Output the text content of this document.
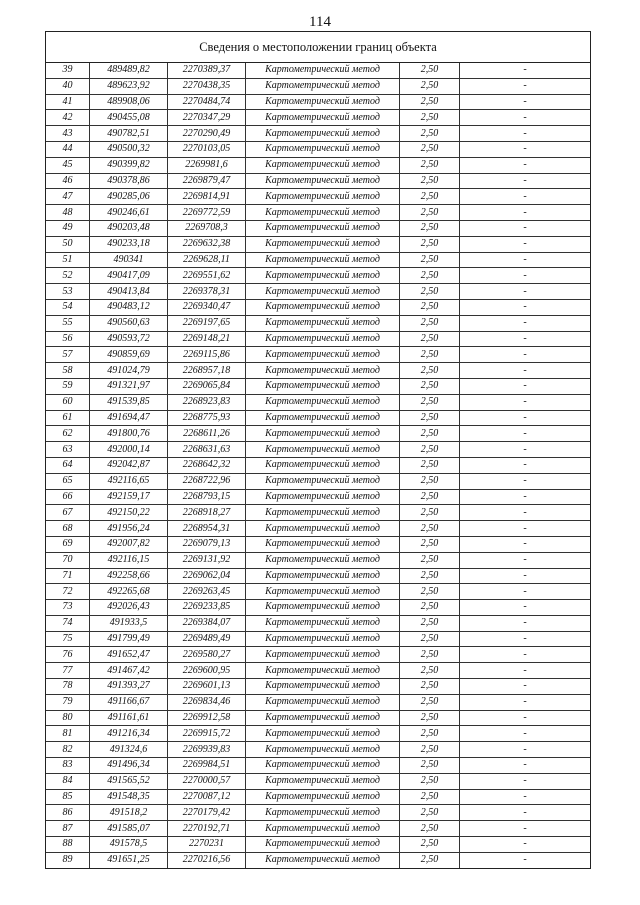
114
Сведения о местоположении границ объекта
39	489489,82	2270389,37	Картометрический метод	2,50	-
40	489623,92	2270438,35	Картометрический метод	2,50	-
41	489908,06	2270484,74	Картометрический метод	2,50	-
42	490455,08	2270347,29	Картометрический метод	2,50	-
43	490782,51	2270290,49	Картометрический метод	2,50	-
44	490500,32	2270103,05	Картометрический метод	2,50	-
45	490399,82	2269981,6	Картометрический метод	2,50	-
46	490378,86	2269879,47	Картометрический метод	2,50	-
47	490285,06	2269814,91	Картометрический метод	2,50	-
48	490246,61	2269772,59	Картометрический метод	2,50	-
49	490203,48	2269708,3	Картометрический метод	2,50	-
50	490233,18	2269632,38	Картометрический метод	2,50	-
51	490341	2269628,11	Картометрический метод	2,50	-
52	490417,09	2269551,62	Картометрический метод	2,50	-
53	490413,84	2269378,31	Картометрический метод	2,50	-
54	490483,12	2269340,47	Картометрический метод	2,50	-
55	490560,63	2269197,65	Картометрический метод	2,50	-
56	490593,72	2269148,21	Картометрический метод	2,50	-
57	490859,69	2269115,86	Картометрический метод	2,50	-
58	491024,79	2268957,18	Картометрический метод	2,50	-
59	491321,97	2269065,84	Картометрический метод	2,50	-
60	491539,85	2268923,83	Картометрический метод	2,50	-
61	491694,47	2268775,93	Картометрический метод	2,50	-
62	491800,76	2268611,26	Картометрический метод	2,50	-
63	492000,14	2268631,63	Картометрический метод	2,50	-
64	492042,87	2268642,32	Картометрический метод	2,50	-
65	492116,65	2268722,96	Картометрический метод	2,50	-
66	492159,17	2268793,15	Картометрический метод	2,50	-
67	492150,22	2268918,27	Картометрический метод	2,50	-
68	491956,24	2268954,31	Картометрический метод	2,50	-
69	492007,82	2269079,13	Картометрический метод	2,50	-
70	492116,15	2269131,92	Картометрический метод	2,50	-
71	492258,66	2269062,04	Картометрический метод	2,50	-
72	492265,68	2269263,45	Картометрический метод	2,50	-
73	492026,43	2269233,85	Картометрический метод	2,50	-
74	491933,5	2269384,07	Картометрический метод	2,50	-
75	491799,49	2269489,49	Картометрический метод	2,50	-
76	491652,47	2269580,27	Картометрический метод	2,50	-
77	491467,42	2269600,95	Картометрический метод	2,50	-
78	491393,27	2269601,13	Картометрический метод	2,50	-
79	491166,67	2269834,46	Картометрический метод	2,50	-
80	491161,61	2269912,58	Картометрический метод	2,50	-
81	491216,34	2269915,72	Картометрический метод	2,50	-
82	491324,6	2269939,83	Картометрический метод	2,50	-
83	491496,34	2269984,51	Картометрический метод	2,50	-
84	491565,52	2270000,57	Картометрический метод	2,50	-
85	491548,35	2270087,12	Картометрический метод	2,50	-
86	491518,2	2270179,42	Картометрический метод	2,50	-
87	491585,07	2270192,71	Картометрический метод	2,50	-
88	491578,5	2270231	Картометрический метод	2,50	-
89	491651,25	2270216,56	Картометрический метод	2,50	-
